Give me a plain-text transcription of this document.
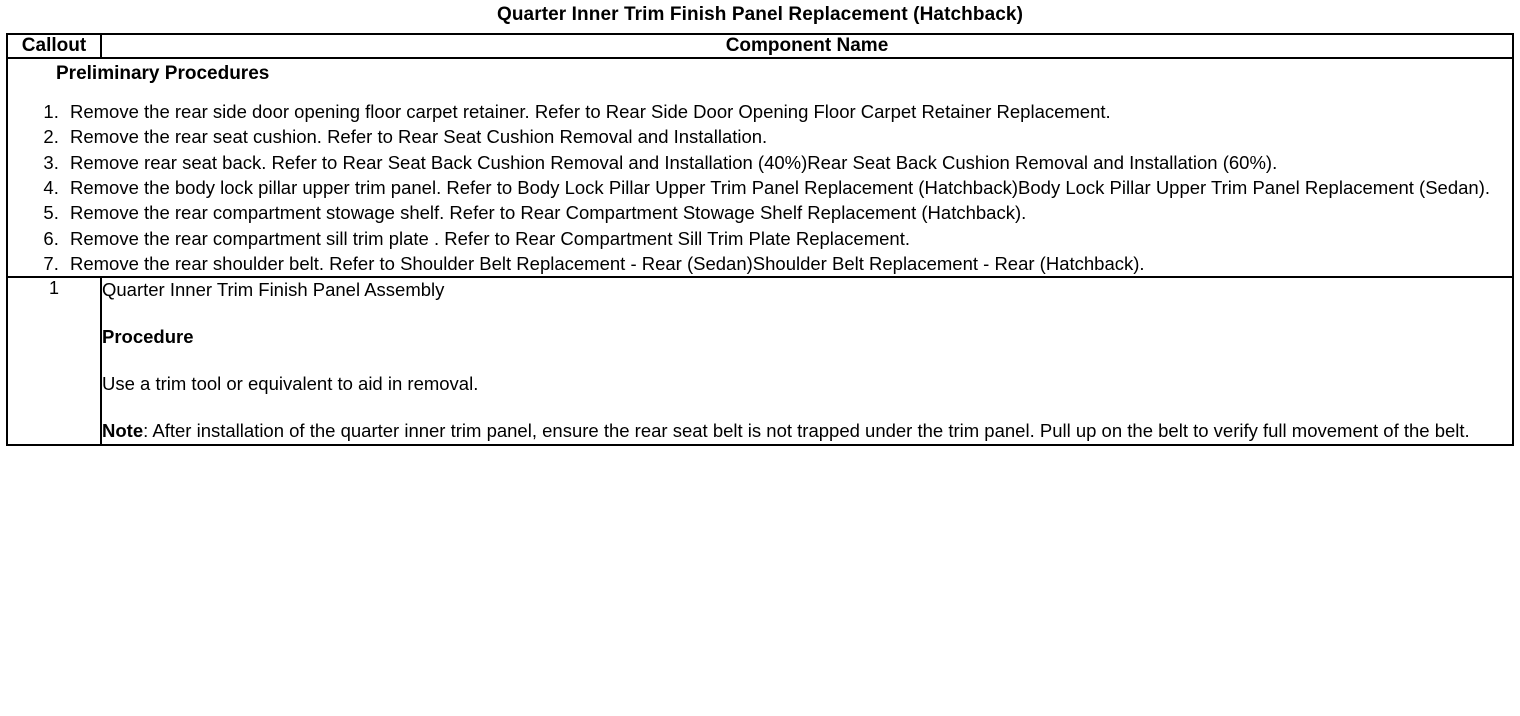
Quarter Inner Trim Finish Panel Replacement (Hatchback)
Callout	Component Name

Preliminary Procedures
1. Remove the rear side door opening floor carpet retainer. Refer to Rear Side Door Opening Floor Carpet Retainer Replacement.
2. Remove the rear seat cushion. Refer to Rear Seat Cushion Removal and Installation.
3. Remove rear seat back. Refer to Rear Seat Back Cushion Removal and Installation (40%)Rear Seat Back Cushion Removal and Installation (60%).
4. Remove the body lock pillar upper trim panel. Refer to Body Lock Pillar Upper Trim Panel Replacement (Hatchback)Body Lock Pillar Upper Trim Panel Replacement (Sedan).
5. Remove the rear compartment stowage shelf. Refer to Rear Compartment Stowage Shelf Replacement (Hatchback).
6. Remove the rear compartment sill trim plate . Refer to Rear Compartment Sill Trim Plate Replacement.
7. Remove the rear shoulder belt. Refer to Shoulder Belt Replacement - Rear (Sedan)Shoulder Belt Replacement - Rear (Hatchback).

1	Quarter Inner Trim Finish Panel Assembly

Procedure

Use a trim tool or equivalent to aid in removal.

Note: After installation of the quarter inner trim panel, ensure the rear seat belt is not trapped under the trim panel. Pull up on the belt to verify full movement of the belt.
